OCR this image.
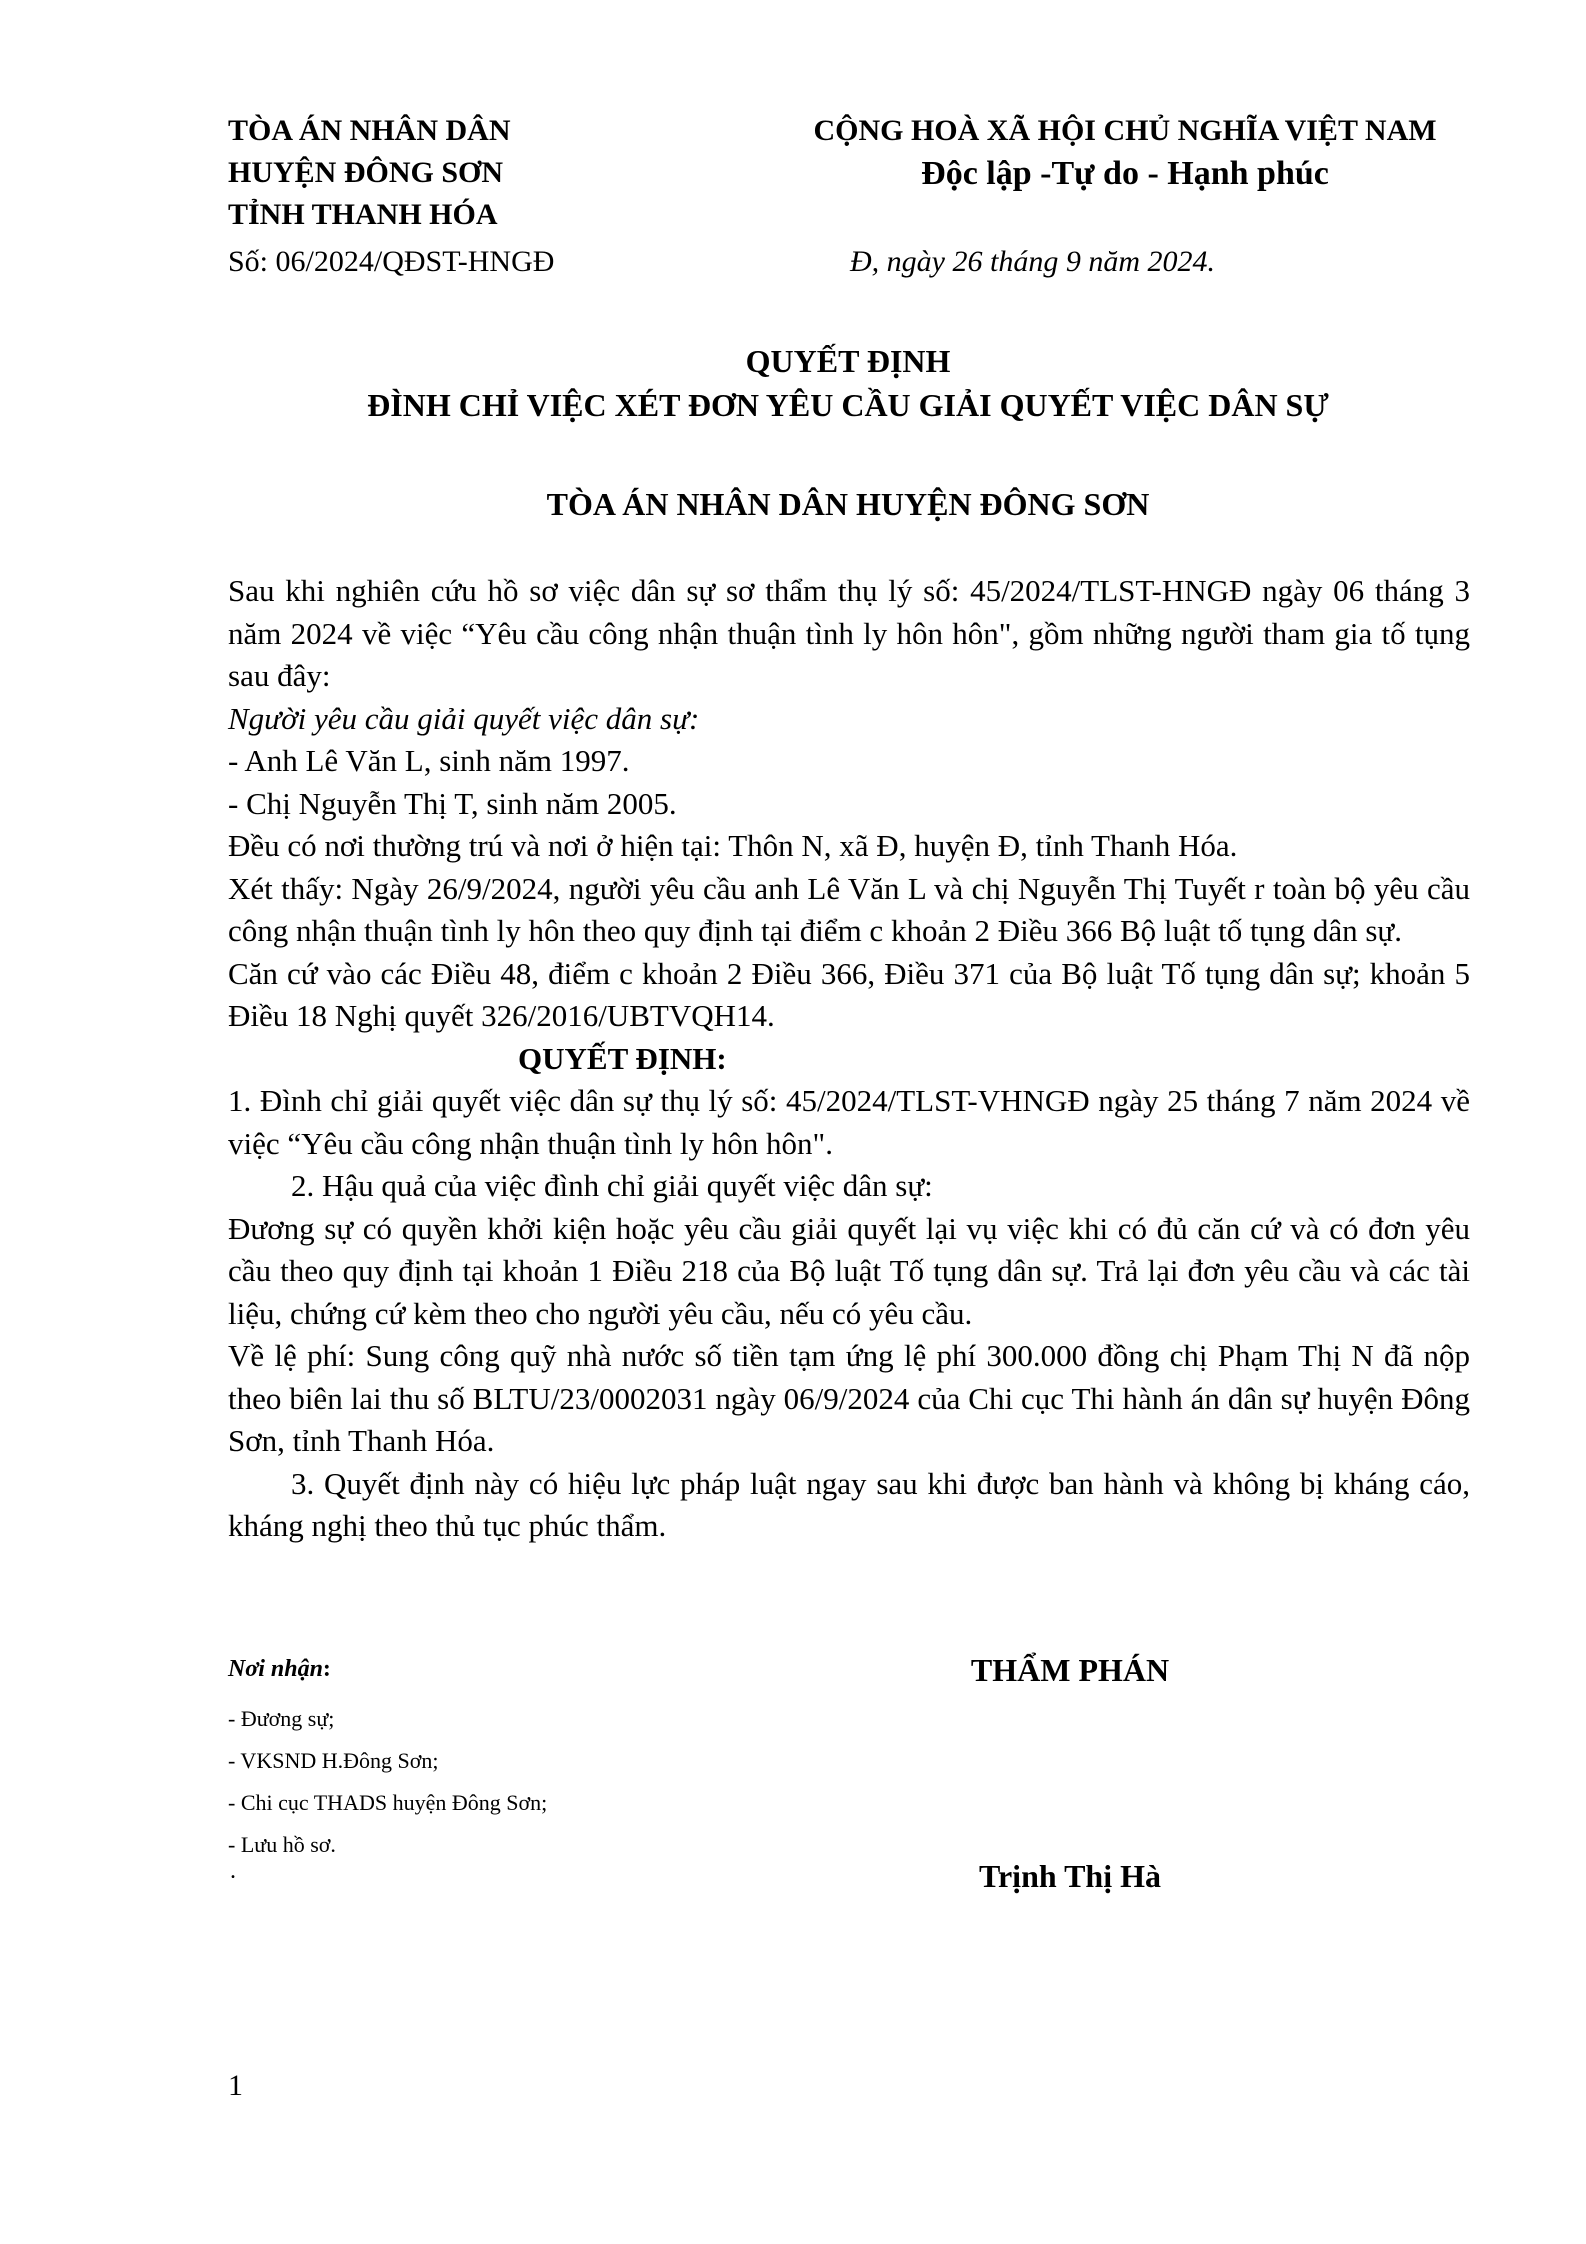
TÒA ÁN NHÂN DÂN
HUYỆN ĐÔNG SƠN
TỈNH THANH HÓA
CỘNG HOÀ XÃ HỘI CHỦ NGHĨA VIỆT NAM
Độc lập -Tự do - Hạnh phúc
Số: 06/2024/QĐST-HNGĐ	Đ, ngày 26 tháng 9 năm 2024.
QUYẾT ĐỊNH
ĐÌNH CHỈ VIỆC XÉT ĐƠN YÊU CẦU GIẢI QUYẾT VIỆC DÂN SỰ
TÒA ÁN NHÂN DÂN HUYỆN ĐÔNG SƠN

Sau khi nghiên cứu hồ sơ việc dân sự sơ thẩm thụ lý số: 45/2024/TLST-HNGĐ ngày 06 tháng 3 năm 2024 về việc “Yêu cầu công nhận thuận tình ly hôn hôn", gồm những người tham gia tố tụng sau đây:

Người yêu cầu giải quyết việc dân sự:

- Anh Lê Văn L, sinh năm 1997.

- Chị Nguyễn Thị T, sinh năm 2005.

Đều có nơi thường trú và nơi ở hiện tại: Thôn N, xã Đ, huyện Đ, tỉnh Thanh Hóa.

Xét thấy: Ngày 26/9/2024, người yêu cầu anh Lê Văn L và chị Nguyễn Thị Tuyết r toàn bộ yêu cầu công nhận thuận tình ly hôn theo quy định tại điểm c khoản 2 Điều 366 Bộ luật tố tụng dân sự.

Căn cứ vào các Điều 48, điểm c khoản 2 Điều 366, Điều 371 của Bộ luật Tố tụng dân sự; khoản 5 Điều 18 Nghị quyết 326/2016/UBTVQH14.

QUYẾT ĐỊNH:

1. Đình chỉ giải quyết việc dân sự thụ lý số: 45/2024/TLST-VHNGĐ ngày 25 tháng 7 năm 2024 về việc “Yêu cầu công nhận thuận tình ly hôn hôn".

2. Hậu quả của việc đình chỉ giải quyết việc dân sự:

Đương sự có quyền khởi kiện hoặc yêu cầu giải quyết lại vụ việc khi có đủ căn cứ và có đơn yêu cầu theo quy định tại khoản 1 Điều 218 của Bộ luật Tố tụng dân sự. Trả lại đơn yêu cầu và các tài liệu, chứng cứ kèm theo cho người yêu cầu, nếu có yêu cầu.

Về lệ phí: Sung công quỹ nhà nước số tiền tạm ứng lệ phí 300.000 đồng chị Phạm Thị N đã nộp theo biên lai thu số BLTU/23/0002031 ngày 06/9/2024 của Chi cục Thi hành án dân sự huyện Đông Sơn, tỉnh Thanh Hóa.

3. Quyết định này có hiệu lực pháp luật ngay sau khi được ban hành và không bị kháng cáo, kháng nghị theo thủ tục phúc thẩm.

Nơi nhận:
- Đương sự;
- VKSND H.Đông Sơn;
- Chi cục THADS huyện Đông Sơn;
- Lưu hồ sơ.
.
THẨM PHÁN
Trịnh Thị Hà
1
